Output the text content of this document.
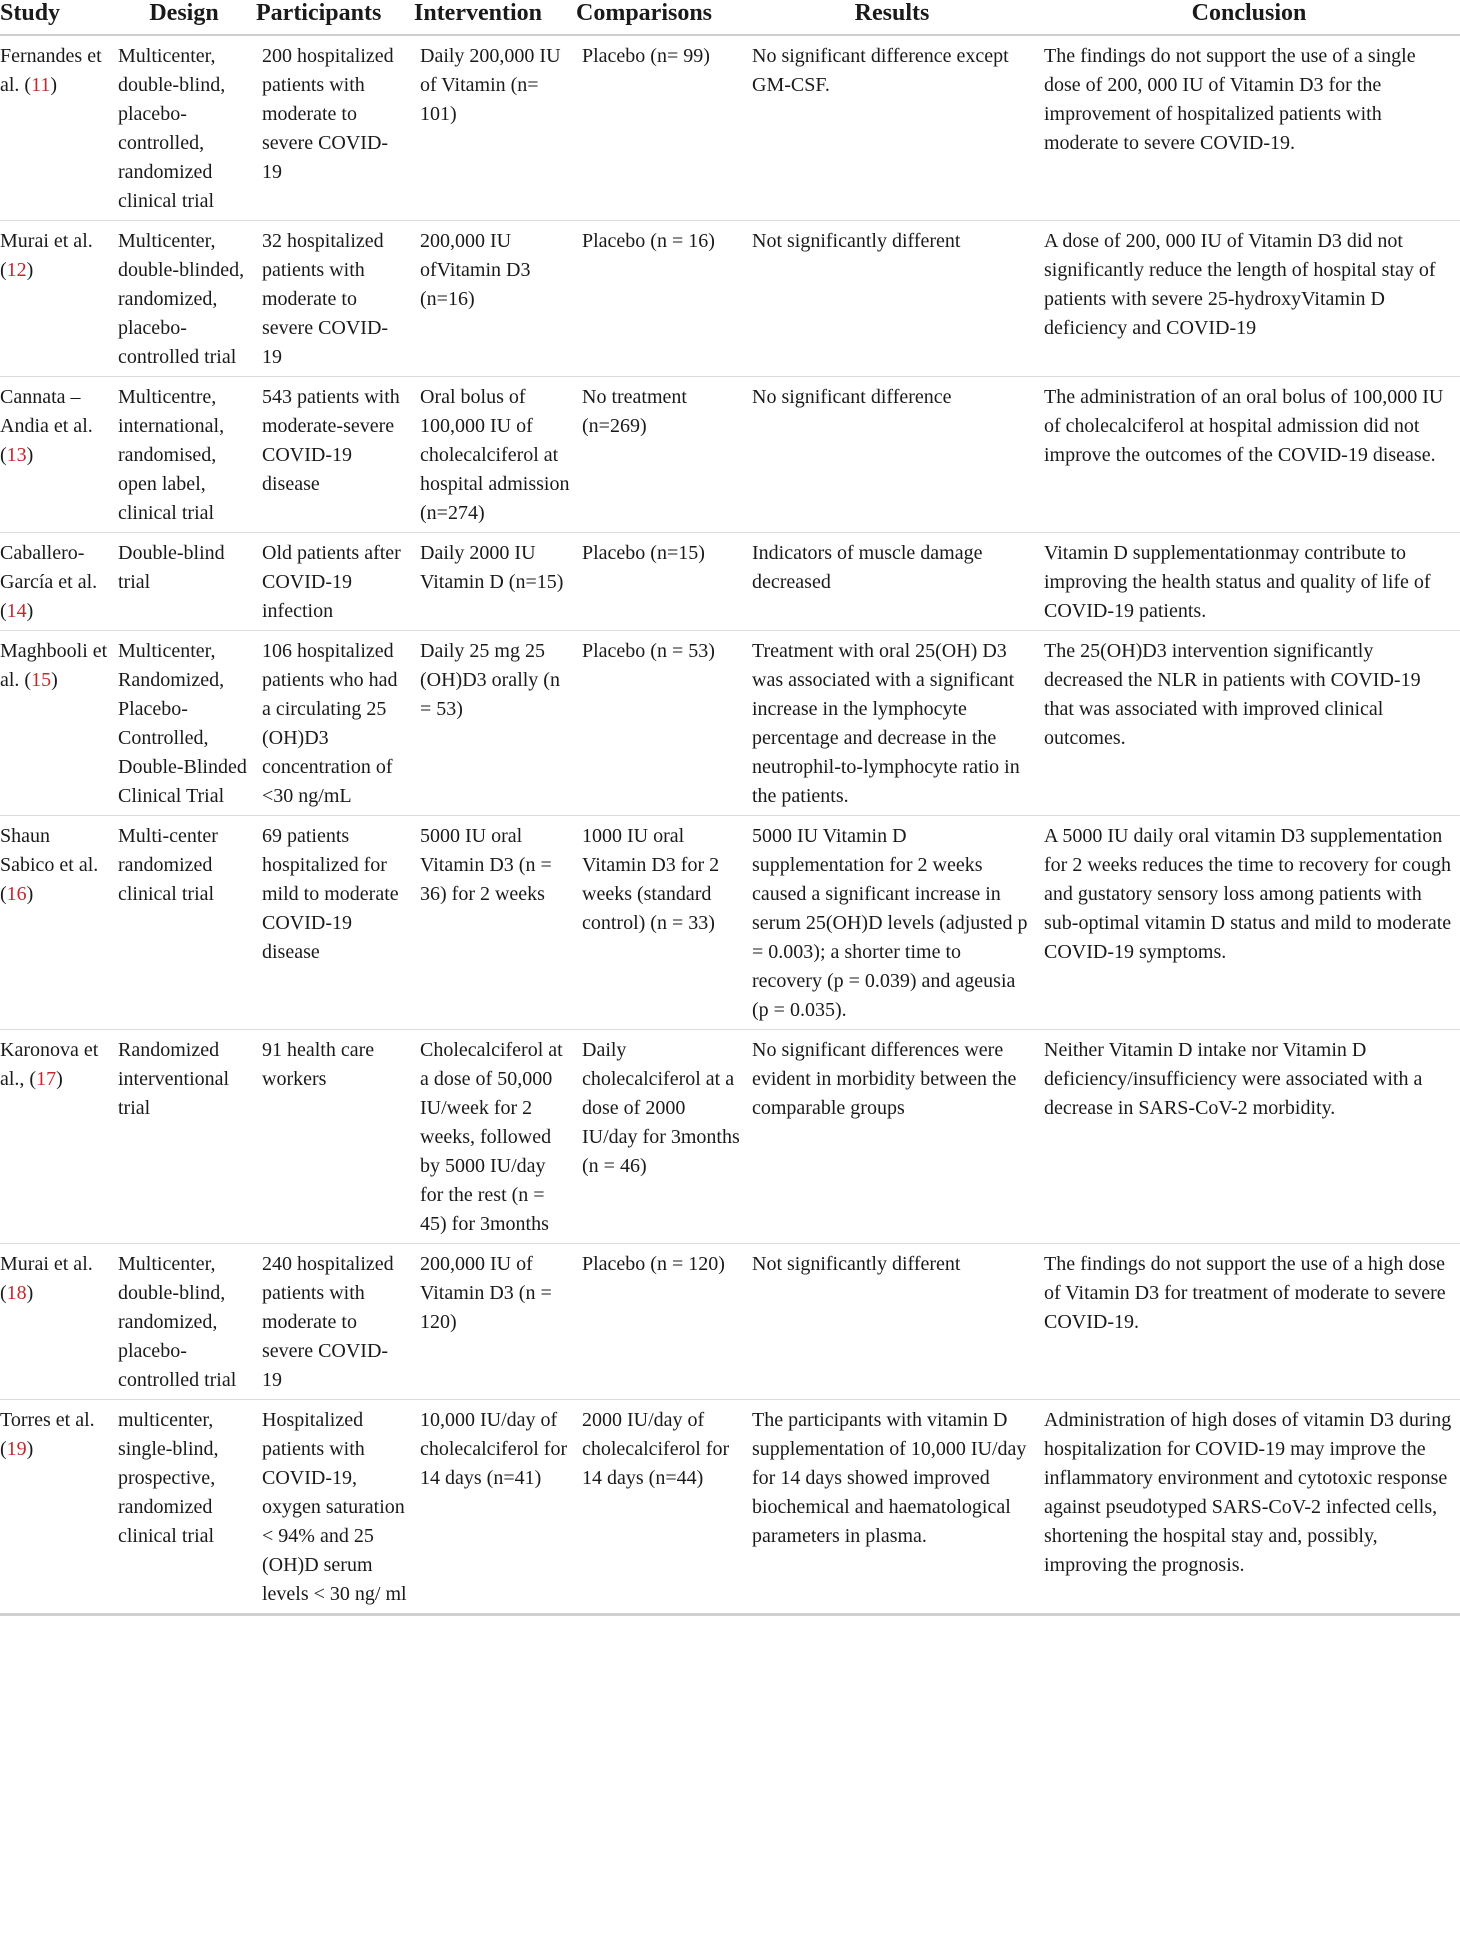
Study	Design	Participants	Intervention	Comparisons	Results	Conclusion
Fernandes et al. (11)	Multicenter, double-blind, placebo-controlled, randomized clinical trial	200 hospitalized patients with moderate to severe COVID-19	Daily 200,000 IU of Vitamin (n= 101)	Placebo (n= 99)	No significant difference except GM-CSF.	The findings do not support the use of a single dose of 200, 000 IU of Vitamin D3 for the improvement of hospitalized patients with moderate to severe COVID-19.
Murai et al. (12)	Multicenter, double-blinded, randomized, placebo-controlled trial	32 hospitalized patients with moderate to severe COVID-19	200,000 IU ofVitamin D3 (n=16)	Placebo (n = 16)	Not significantly different	A dose of 200, 000 IU of Vitamin D3 did not significantly reduce the length of hospital stay of patients with severe 25-hydroxyVitamin D deficiency and COVID-19
Cannata –Andia et al. (13)	Multicentre, international, randomised, open label, clinical trial	543 patients with moderate-severe COVID-19 disease	Oral bolus of 100,000 IU of cholecalciferol at hospital admission (n=274)	No treatment (n=269)	No significant difference	The administration of an oral bolus of 100,000 IU of cholecalciferol at hospital admission did not improve the outcomes of the COVID-19 disease.
Caballero-García et al. (14)	Double-blind trial	Old patients after COVID-19 infection	Daily 2000 IU Vitamin D (n=15)	Placebo (n=15)	Indicators of muscle damage decreased	Vitamin D supplementationmay contribute to improving the health status and quality of life of COVID-19 patients.
Maghbooli et al. (15)	Multicenter, Randomized, Placebo-Controlled, Double-Blinded Clinical Trial	106 hospitalized patients who had a circulating 25 (OH)D3 concentration of <30 ng/mL	Daily 25 mg 25 (OH)D3 orally (n = 53)	Placebo (n = 53)	Treatment with oral 25(OH) D3 was associated with a significant increase in the lymphocyte percentage and decrease in the neutrophil-to-lymphocyte ratio in the patients.	The 25(OH)D3 intervention significantly decreased the NLR in patients with COVID-19 that was associated with improved clinical outcomes.
Shaun Sabico et al. (16)	Multi-center randomized clinical trial	69 patients hospitalized for mild to moderate COVID-19 disease	5000 IU oral Vitamin D3 (n = 36) for 2 weeks	1000 IU oral Vitamin D3 for 2 weeks (standard control) (n = 33)	5000 IU Vitamin D supplementation for 2 weeks caused a significant increase in serum 25(OH)D levels (adjusted p = 0.003); a shorter time to recovery (p = 0.039) and ageusia (p = 0.035).	A 5000 IU daily oral vitamin D3 supplementation for 2 weeks reduces the time to recovery for cough and gustatory sensory loss among patients with sub-optimal vitamin D status and mild to moderate COVID-19 symptoms.
Karonova et al., (17)	Randomized interventional trial	91 health care workers	Cholecalciferol at a dose of 50,000 IU/week for 2 weeks, followed by 5000 IU/day for the rest (n = 45) for 3months	Daily cholecalciferol at a dose of 2000 IU/day for 3months (n = 46)	No significant differences were evident in morbidity between the comparable groups	Neither Vitamin D intake nor Vitamin D deficiency/insufficiency were associated with a decrease in SARS-CoV-2 morbidity.
Murai et al. (18)	Multicenter, double-blind, randomized, placebo-controlled trial	240 hospitalized patients with moderate to severe COVID-19	200,000 IU of Vitamin D3 (n = 120)	Placebo (n = 120)	Not significantly different	The findings do not support the use of a high dose of Vitamin D3 for treatment of moderate to severe COVID-19.
Torres et al. (19)	multicenter, single-blind, prospective, randomized clinical trial	Hospitalized patients with COVID-19, oxygen saturation < 94% and 25 (OH)D serum levels < 30 ng/ ml	10,000 IU/day of cholecalciferol for 14 days (n=41)	2000 IU/day of cholecalciferol for 14 days (n=44)	The participants with vitamin D supplementation of 10,000 IU/day for 14 days showed improved biochemical and haematological parameters in plasma.	Administration of high doses of vitamin D3 during hospitalization for COVID-19 may improve the inflammatory environment and cytotoxic response against pseudotyped SARS-CoV-2 infected cells, shortening the hospital stay and, possibly, improving the prognosis.
